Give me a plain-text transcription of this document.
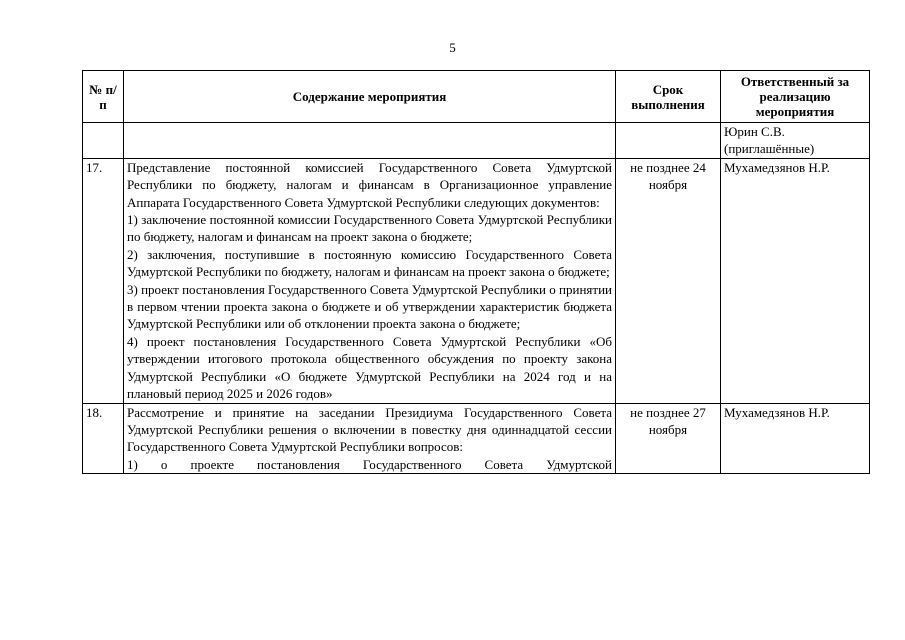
5
№ п/п	Содержание мероприятия	Срок выполнения	Ответственный за реализацию мероприятия
			Юрин С.В. (приглашённые)
17.	Представление постоянной комиссией Государственного Совета Удмуртской Республики по бюджету, налогам и финансам в Организационное управление Аппарата Государственного Совета Удмуртской Республики следующих документов:
1) заключение постоянной комиссии Государственного Совета Удмуртской Республики по бюджету, налогам и финансам на проект закона о бюджете;
2) заключения, поступившие в постоянную комиссию Государственного Совета Удмуртской Республики по бюджету, налогам и финансам на проект закона о бюджете;
3) проект постановления Государственного Совета Удмуртской Республики о принятии в первом чтении проекта закона о бюджете и об утверждении характеристик бюджета Удмуртской Республики или об отклонении проекта закона о бюджете;
4) проект постановления Государственного Совета Удмуртской Республики «Об утверждении итогового протокола общественного обсуждения по проекту закона Удмуртской Республики «О бюджете Удмуртской Республики на 2024 год и на плановый период 2025 и 2026 годов»	не позднее 24 ноября	Мухамедзянов Н.Р.
18.	Рассмотрение и принятие на заседании Президиума Государственного Совета Удмуртской Республики решения о включении в повестку дня одиннадцатой сессии Государственного Совета Удмуртской Республики вопросов:
1) о проекте постановления Государственного Совета Удмуртской	не позднее 27 ноября	Мухамедзянов Н.Р.
